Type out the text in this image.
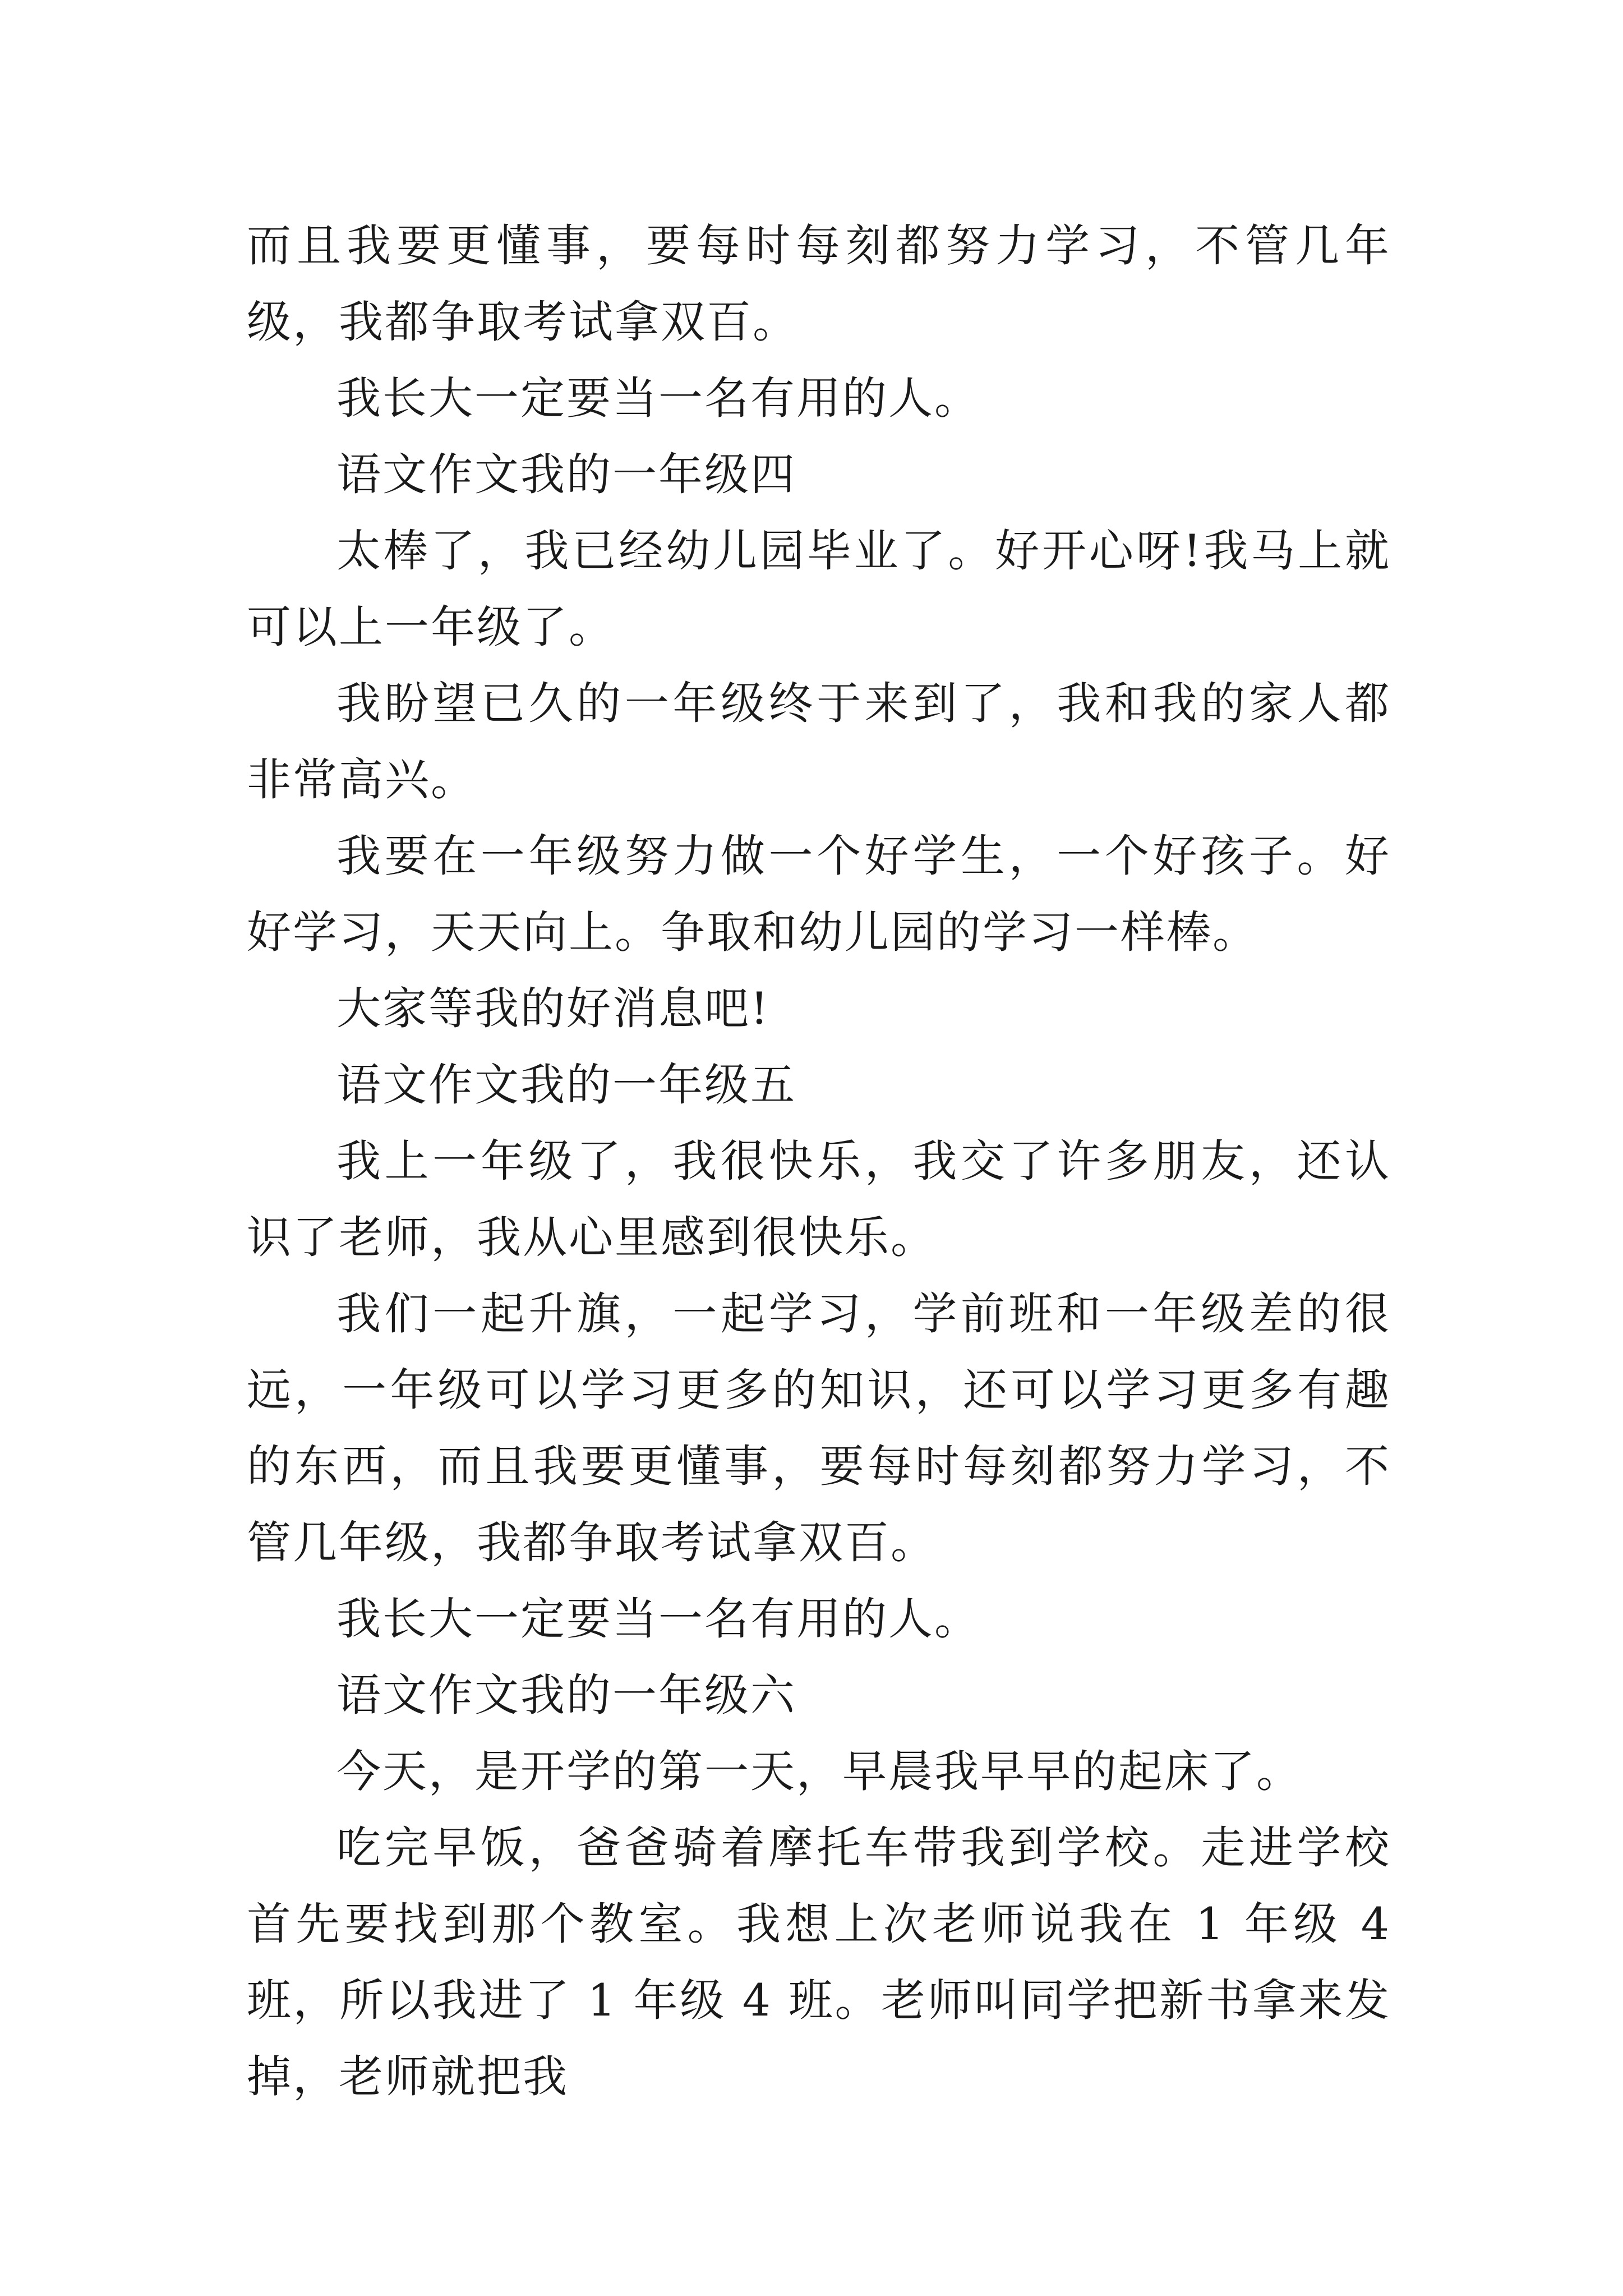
而且我要更懂事，要每时每刻都努力学习，不管几年级，我都争取考试拿双百。

我长大一定要当一名有用的人。

语文作文我的一年级四

太棒了，我已经幼儿园毕业了。好开心呀!我马上就可以上一年级了。

我盼望已久的一年级终于来到了，我和我的家人都非常高兴。

我要在一年级努力做一个好学生，一个好孩子。好好学习，天天向上。争取和幼儿园的学习一样棒。

大家等我的好消息吧!

语文作文我的一年级五

我上一年级了，我很快乐，我交了许多朋友，还认识了老师，我从心里感到很快乐。

我们一起升旗，一起学习，学前班和一年级差的很远，一年级可以学习更多的知识，还可以学习更多有趣的东西，而且我要更懂事，要每时每刻都努力学习，不管几年级，我都争取考试拿双百。

我长大一定要当一名有用的人。

语文作文我的一年级六

今天，是开学的第一天，早晨我早早的起床了。

吃完早饭，爸爸骑着摩托车带我到学校。走进学校首先要找到那个教室。我想上次老师说我在 1 年级 4 班，所以我进了 1 年级 4 班。老师叫同学把新书拿来发掉，老师就把我
